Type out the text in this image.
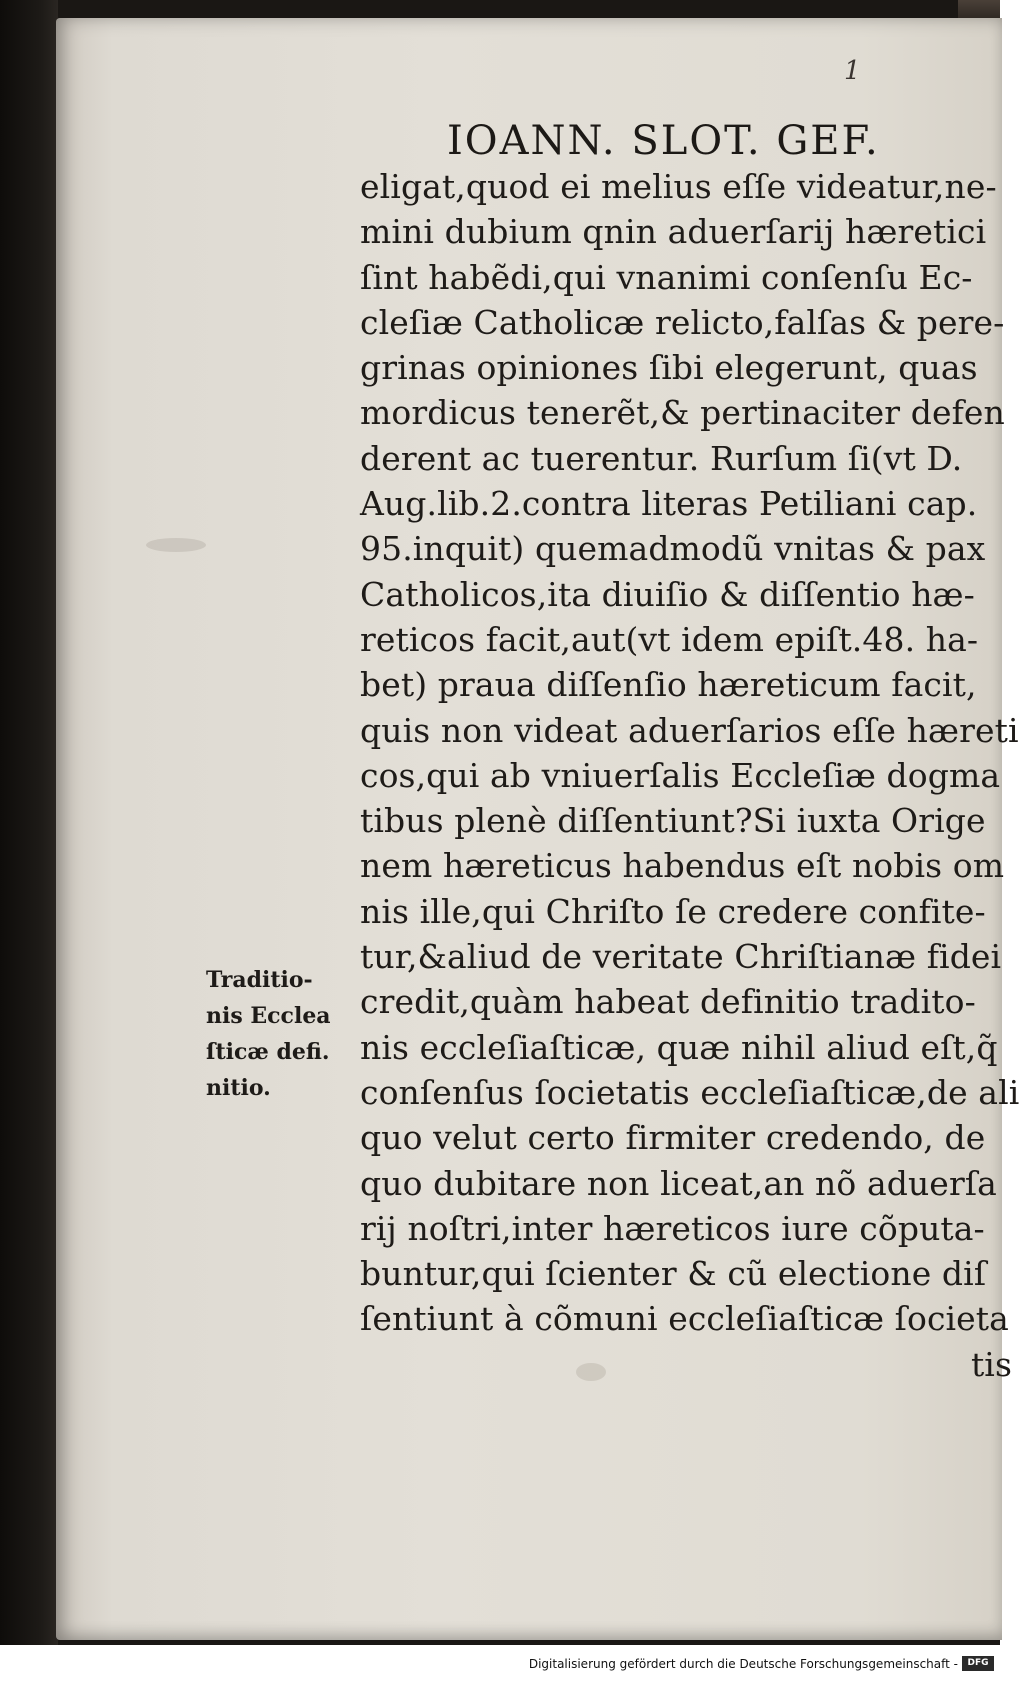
1
IOANN. SLOT. GEF.
eligat,quod ei melius eſſe videatur,ne-
mini dubium qnin aduerſarij hæretici
ſint habẽdi,qui vnanimi conſenſu Ec-
cleſiæ Catholicæ relicto,falſas & pere-
grinas opiniones ſibi elegerunt, quas
mordicus tenerẽt,& pertinaciter defen
derent ac tuerentur. Rurſum ſi(vt D.
Aug.lib.2.contra literas Petiliani cap.
95.inquit) quemadmodũ vnitas & pax
Catholicos,ita diuiſio & diſſentio hæ-
reticos facit,aut(vt idem epiſt.48. ha-
bet) praua diſſenſio hæreticum facit,
quis non videat aduerſarios eſſe hæreti
cos,qui ab vniuerſalis Eccleſiæ dogma
tibus plenè diſſentiunt?Si iuxta Orige
nem hæreticus habendus eſt nobis om
nis ille,qui Chriſto ſe credere confite-
tur,&aliud de veritate Chriſtianæ fidei
credit,quàm habeat definitio tradito-
nis eccleſiaſticæ, quæ nihil aliud eſt,q̃
conſenſus ſocietatis eccleſiaſticæ,de ali
quo velut certo firmiter credendo, de
quo dubitare non liceat,an nõ aduerſa
rij noſtri,inter hæreticos iure cõputa-
buntur,qui ſcienter & cũ electione diſ
ſentiunt à cõmuni eccleſiaſticæ ſocieta
tis
Traditio-
nis Ecclea
ſticæ defi.
nitio.
Digitalisierung gefördert durch die Deutsche Forschungsgemeinschaft -	DFG
